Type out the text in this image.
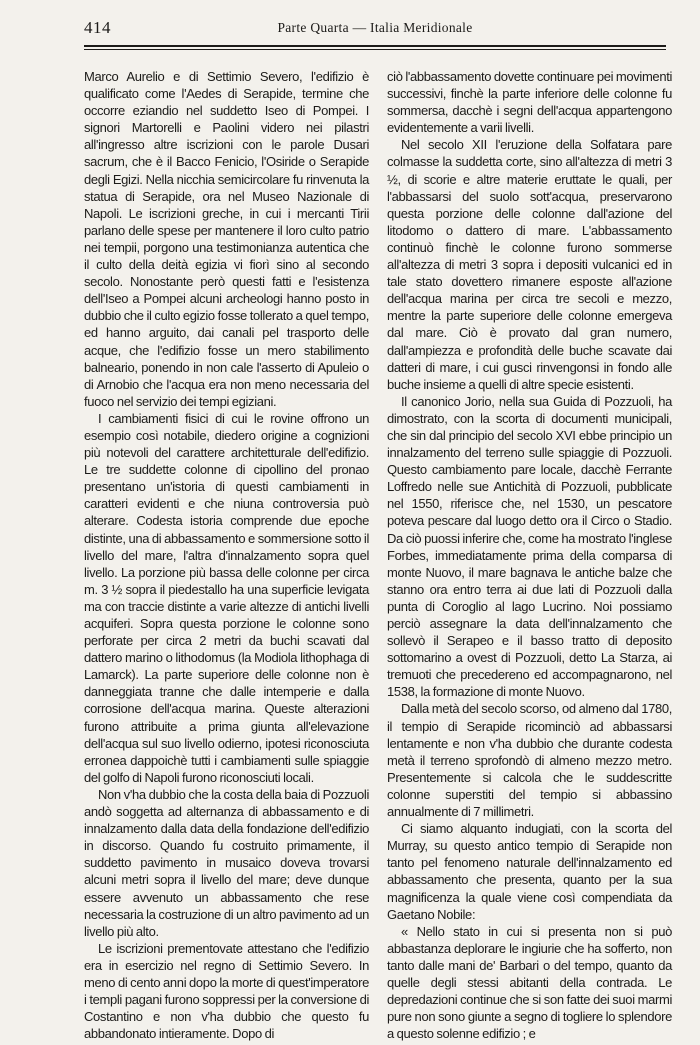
414	Parte Quarta — Italia Meridionale

Marco Aurelio e di Settimio Severo, l'edifizio è qualificato come l'Aedes di Serapide, termine che occorre eziandio nel suddetto Iseo di Pompei. I signori Martorelli e Paolini videro nei pilastri all'ingresso altre iscrizioni con le parole Dusari sacrum, che è il Bacco Fenicio, l'Osiride o Serapide degli Egizi. Nella nicchia semicircolare fu rinvenuta la statua di Serapide, ora nel Museo Nazionale di Napoli. Le iscrizioni greche, in cui i mercanti Tirii parlano delle spese per mantenere il loro culto patrio nei tempii, porgono una testimonianza autentica che il culto della deità egizia vi fiorì sino al secondo secolo. Nonostante però questi fatti e l'esistenza dell'Iseo a Pompei alcuni archeologi hanno posto in dubbio che il culto egizio fosse tollerato a quel tempo, ed hanno arguito, dai canali pel trasporto delle acque, che l'edifizio fosse un mero stabilimento balneario, ponendo in non cale l'asserto di Apuleio o di Arnobio che l'acqua era non meno necessaria del fuoco nel servizio dei tempi egiziani.

I cambiamenti fisici di cui le rovine offrono un esempio così notabile, diedero origine a cognizioni più notevoli del carattere architetturale dell'edifizio. Le tre suddette colonne di cipollino del pronao presentano un'istoria di questi cambiamenti in caratteri evidenti e che niuna controversia può alterare. Codesta istoria comprende due epoche distinte, una di abbassamento e sommersione sotto il livello del mare, l'altra d'innalzamento sopra quel livello. La porzione più bassa delle colonne per circa m. 3 ½ sopra il piedestallo ha una superficie levigata ma con traccie distinte a varie altezze di antichi livelli acquiferi. Sopra questa porzione le colonne sono perforate per circa 2 metri da buchi scavati dal dattero marino o lithodomus (la Modiola lithophaga di Lamarck). La parte superiore delle colonne non è danneggiata tranne che dalle intemperie e dalla corrosione dell'acqua marina. Queste alterazioni furono attribuite a prima giunta all'elevazione dell'acqua sul suo livello odierno, ipotesi riconosciuta erronea dappoichè tutti i cambiamenti sulle spiaggie del golfo di Napoli furono riconosciuti locali.

Non v'ha dubbio che la costa della baia di Pozzuoli andò soggetta ad alternanza di abbassamento e di innalzamento dalla data della fondazione dell'edifizio in discorso. Quando fu costruito primamente, il suddetto pavimento in musaico doveva trovarsi alcuni metri sopra il livello del mare; deve dunque essere avvenuto un abbassamento che rese necessaria la costruzione di un altro pavimento ad un livello più alto.

Le iscrizioni prementovate attestano che l'edifizio era in esercizio nel regno di Settimio Severo. In meno di cento anni dopo la morte di quest'imperatore i templi pagani furono soppressi per la conversione di Costantino e non v'ha dubbio che questo fu abbandonato intieramente. Dopo di

ciò l'abbassamento dovette continuare pei movimenti successivi, finchè la parte inferiore delle colonne fu sommersa, dacchè i segni dell'acqua appartengono evidentemente a varii livelli.

Nel secolo XII l'eruzione della Solfatara pare colmasse la suddetta corte, sino all'altezza di metri 3 ½, di scorie e altre materie eruttate le quali, per l'abbassarsi del suolo sott'acqua, preservarono questa porzione delle colonne dall'azione del litodomo o dattero di mare. L'abbassamento continuò finchè le colonne furono sommerse all'altezza di metri 3 sopra i depositi vulcanici ed in tale stato dovettero rimanere esposte all'azione dell'acqua marina per circa tre secoli e mezzo, mentre la parte superiore delle colonne emergeva dal mare. Ciò è provato dal gran numero, dall'ampiezza e profondità delle buche scavate dai datteri di mare, i cui gusci rinvengonsi in fondo alle buche insieme a quelli di altre specie esistenti.

Il canonico Jorio, nella sua Guida di Pozzuoli, ha dimostrato, con la scorta di documenti municipali, che sin dal principio del secolo XVI ebbe principio un innalzamento del terreno sulle spiaggie di Pozzuoli. Questo cambiamento pare locale, dacchè Ferrante Loffredo nelle sue Antichità di Pozzuoli, pubblicate nel 1550, riferisce che, nel 1530, un pescatore poteva pescare dal luogo detto ora il Circo o Stadio. Da ciò puossi inferire che, come ha mostrato l'inglese Forbes, immediatamente prima della comparsa di monte Nuovo, il mare bagnava le antiche balze che stanno ora entro terra ai due lati di Pozzuoli dalla punta di Coroglio al lago Lucrino. Noi possiamo perciò assegnare la data dell'innalzamento che sollevò il Serapeo e il basso tratto di deposito sottomarino a ovest di Pozzuoli, detto La Starza, ai tremuoti che precedereno ed accompagnarono, nel 1538, la formazione di monte Nuovo.

Dalla metà del secolo scorso, od almeno dal 1780, il tempio di Serapide ricominciò ad abbassarsi lentamente e non v'ha dubbio che durante codesta metà il terreno sprofondò di almeno mezzo metro. Presentemente si calcola che le suddescritte colonne superstiti del tempio si abbassino annualmente di 7 millimetri.

Ci siamo alquanto indugiati, con la scorta del Murray, su questo antico tempio di Serapide non tanto pel fenomeno naturale dell'innalzamento ed abbassamento che presenta, quanto per la sua magnificenza la quale viene così compendiata da Gaetano Nobile:

« Nello stato in cui si presenta non si può abbastanza deplorare le ingiurie che ha sofferto, non tanto dalle mani de' Barbari o del tempo, quanto da quelle degli stessi abitanti della contrada. Le depredazioni continue che si son fatte dei suoi marmi pure non sono giunte a segno di togliere lo splendore a questo solenne edifizio ; e
